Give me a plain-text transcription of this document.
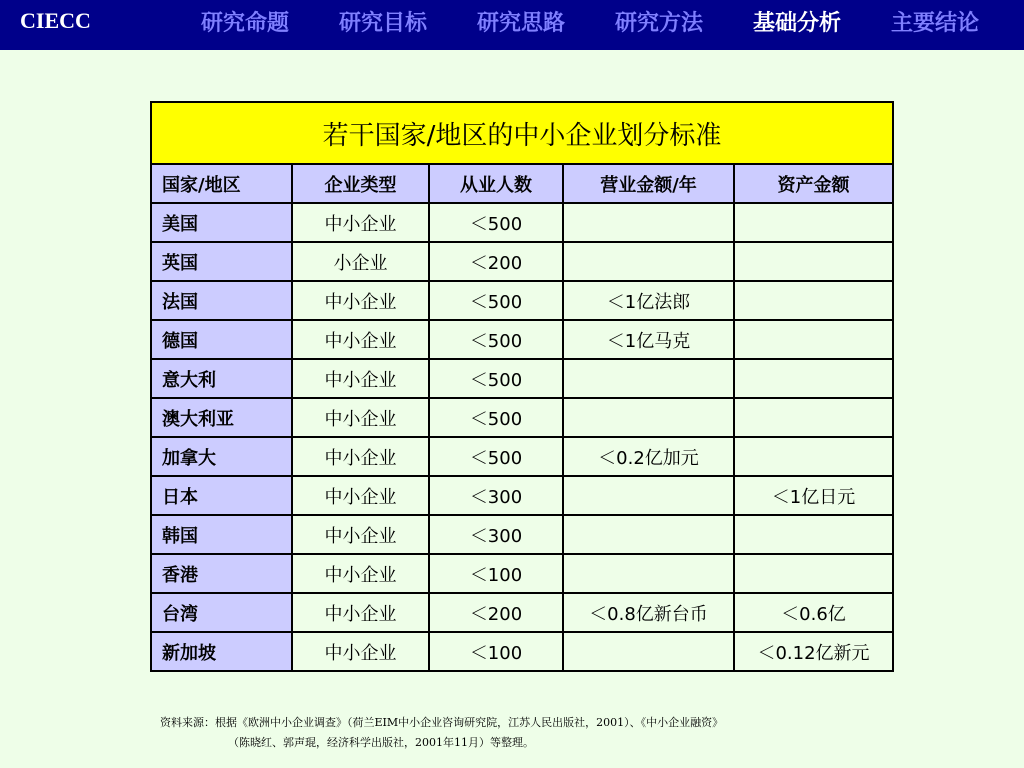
CIECC	研究命题	研究目标	研究思路	研究方法	基础分析	主要结论
若干国家/地区的中小企业划分标准				
国家/地区	企业类型	从业人数	营业金额/年	资产金额
美国	中小企业	＜500		
英国	小企业	＜200		
法国	中小企业	＜500	＜1亿法郎	
德国	中小企业	＜500	＜1亿马克	
意大利	中小企业	＜500		
澳大利亚	中小企业	＜500		
加拿大	中小企业	＜500	＜0.2亿加元	
日本	中小企业	＜300		＜1亿日元
韩国	中小企业	＜300		
香港	中小企业	＜100		
台湾	中小企业	＜200	＜0.8亿新台币	＜0.6亿
新加坡	中小企业	＜100		＜0.12亿新元
资料来源：根据《欧洲中小企业调查》（荷兰EIM中小企业咨询研究院，江苏人民出版社，2001）、《中小企业融资》
（陈晓红、郭声琨，经济科学出版社，2001年11月）等整理。
